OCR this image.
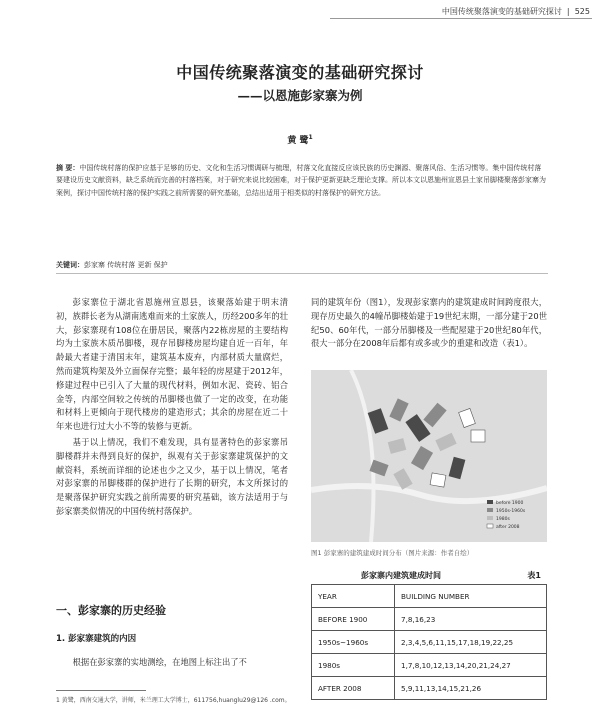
中国传统聚落演变的基础研究探讨  |  525
中国传统聚落演变的基础研究探讨
——以恩施彭家寨为例
黄 鹭$^1$
摘 要：中国传统村落的保护应基于足够的历史、文化和生活习惯调研与梳理，村落文化直接反应该民族的历史渊源、聚落风俗、生活习惯等。集中国传统村落要建设历史文献资料，缺乏系统而完善的村落档案，对于研究来说比较困难，对于保护更新更缺乏理论支撑。所以本文以恩施州宣恩县土家吊脚楼聚落彭家寨为案例，探讨中国传统村落的保护实践之前所需要的研究基础，总结出适用于相类似的村落保护的研究方法。
关键词：彭家寨 传统村落 更新 保护

彭家寨位于湖北省恩施州宣恩县，该聚落始建于明末清初，族群长老为从湖南逃难而来的土家族人，历经200多年的壮大，彭家寨现有108位在册居民，聚落内22栋房屋的主要结构均为土家族木质吊脚楼，现存吊脚楼房屋均建自近一百年，年龄最大者建于清国末年，建筑基本废弃，内部材质大量腐烂，然而建筑构架及外立面保存完整；最年轻的房屋建于2012年，修建过程中已引入了大量的现代材料，例如水泥、瓷砖、铝合金等，内部空间较之传统的吊脚楼也做了一定的改变，在功能和材料上更倾向于现代楼房的建造形式；其余的房屋在近二十年来也进行过大小不等的装修与更新。

基于以上情况，我们不难发现，具有显著特色的彭家寨吊脚楼群并未得到良好的保护，纵观有关于彭家寨建筑保护的文献资料，系统而详细的论述也少之又少，基于以上情况，笔者对彭家寨的吊脚楼群的保护进行了长期的研究，本文所探讨的是聚落保护研究实践之前所需要的研究基础，该方法适用于与彭家寨类似情况的中国传统村落保护。

一、彭家寨的历史经验
1. 彭家寨建筑的内因

根据在彭家寨的实地测绘，在地图上标注出了不

同的建筑年份（图1），发现彭家寨内的建筑建成时间跨度很大，现存历史最久的4幢吊脚楼始建于19世纪末期，一部分建于20世纪50、60年代，一部分吊脚楼及一些配屋建于20世纪80年代，很大一部分在2008年后都有或多或少的重建和改造（表1）。

before 1900
1950s-1960s
1980s
after 2008
图1 彭家寨的建筑建成时间分布（图片来源：作者自绘）
彭家寨内建筑建成时间	表1
YEAR	BUILDING NUMBER
BEFORE 1900	7,8,16,23
1950s~1960s	2,3,4,5,6,11,15,17,18,19,22,25
1980s	1,7,8,10,12,13,14,20,21,24,27
AFTER 2008	5,9,11,13,14,15,21,26
1 黄鹭，西南交通大学，讲师，米兰理工大学博士，611756,huanglu29@126 .com。
